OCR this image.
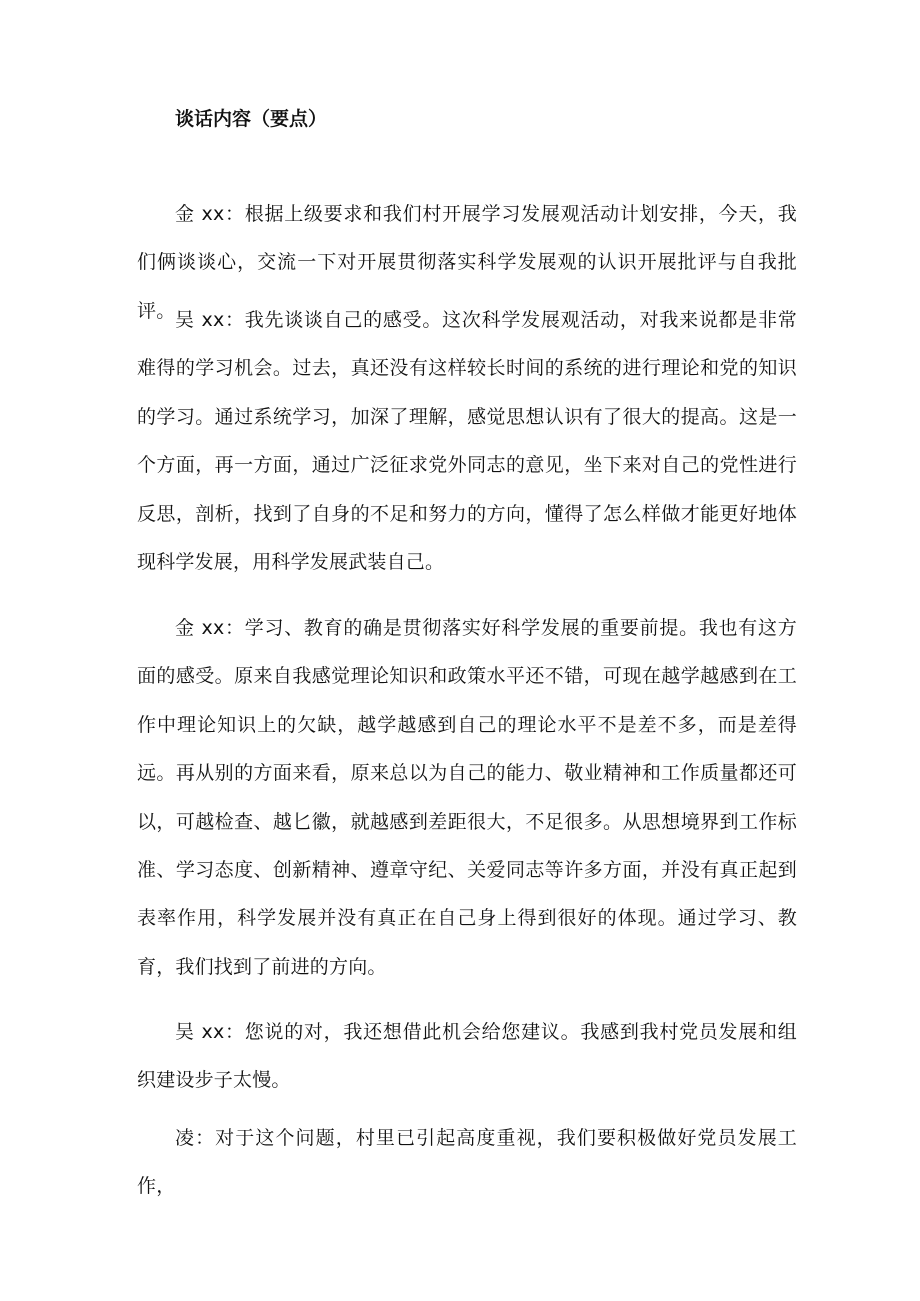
谈话内容（要点）

金 xx：根据上级要求和我们村开展学习发展观活动计划安排，今天，我们俩谈谈心，交流一下对开展贯彻落实科学发展观的认识开展批评与自我批评。 吴 xx：我先谈谈自己的感受。这次科学发展观活动，对我来说都是非常难得的学习机会。过去，真还没有这样较长时间的系统的进行理论和党的知识的学习。通过系统学习，加深了理解，感觉思想认识有了很大的提高。这是一个方面，再一方面，通过广泛征求党外同志的意见，坐下来对自己的党性进行反思，剖析，找到了自身的不足和努力的方向，懂得了怎么样做才能更好地体现科学发展，用科学发展武装自己。

金 xx：学习、教育的确是贯彻落实好科学发展的重要前提。我也有这方面的感受。原来自我感觉理论知识和政策水平还不错，可现在越学越感到在工作中理论知识上的欠缺，越学越感到自己的理论水平不是差不多，而是差得远。再从别的方面来看，原来总以为自己的能力、敬业精神和工作质量都还可以，可越检查、越匕徽，就越感到差距很大，不足很多。从思想境界到工作标准、学习态度、创新精神、遵章守纪、关爱同志等许多方面，并没有真正起到表率作用，科学发展并没有真正在自己身上得到很好的体现。通过学习、教育，我们找到了前进的方向。

吴 xx：您说的对，我还想借此机会给您建议。我感到我村党员发展和组织建设步子太慢。

凌：对于这个问题，村里已引起高度重视，我们要积极做好党员发展工作，
